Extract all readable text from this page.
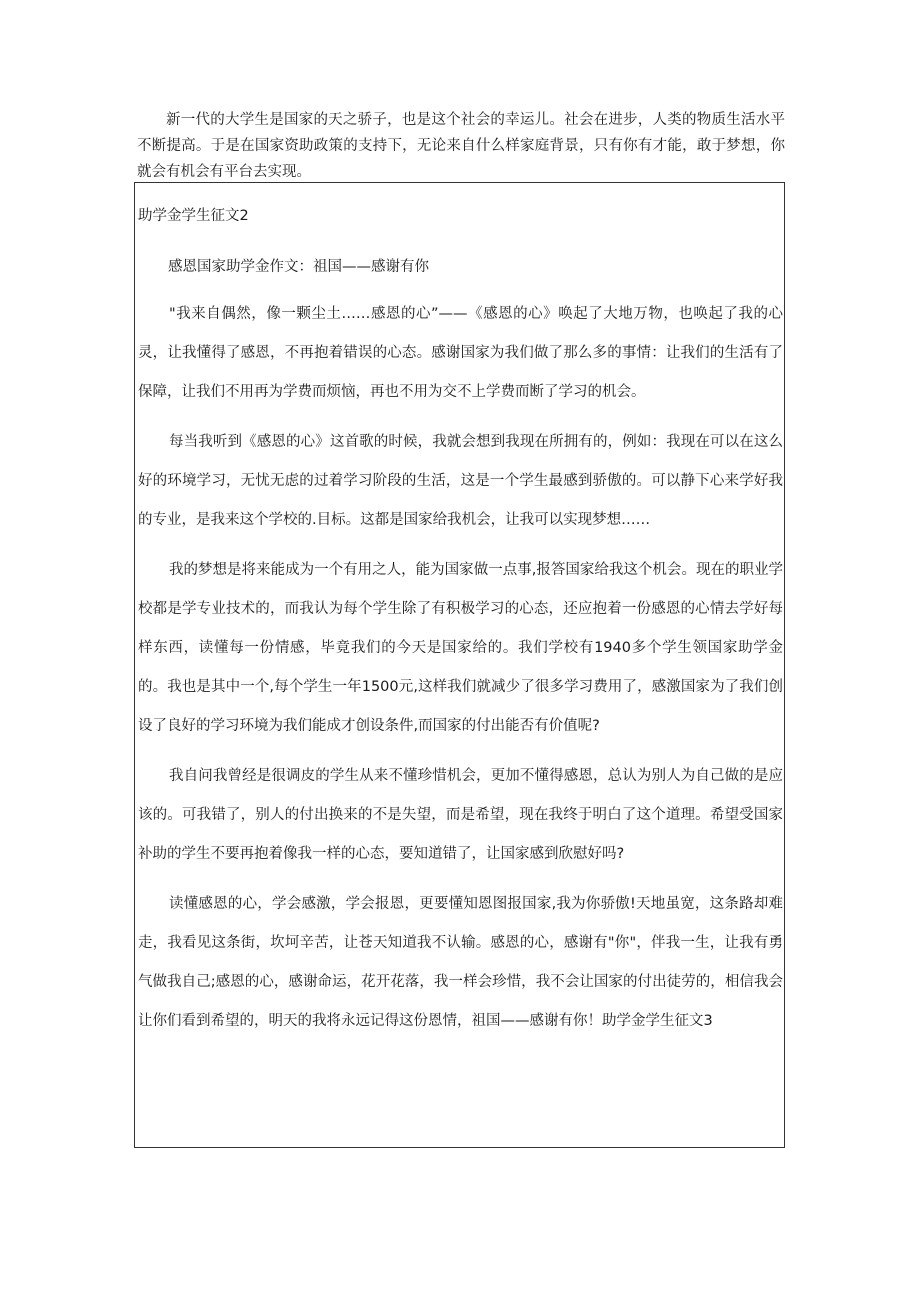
新一代的大学生是国家的天之骄子，也是这个社会的幸运儿。社会在进步，人类的物质生活水平不断提高。于是在国家资助政策的支持下，无论来自什么样家庭背景，只有你有才能，敢于梦想，你就会有机会有平台去实现。

助学金学生征文2

感恩国家助学金作文：祖国——感谢有你

"我来自偶然，像一颗尘土……感恩的心”——《感恩的心》唤起了大地万物，也唤起了我的心灵，让我懂得了感恩，不再抱着错误的心态。感谢国家为我们做了那么多的事情：让我们的生活有了保障，让我们不用再为学费而烦恼，再也不用为交不上学费而断了学习的机会。

每当我听到《感恩的心》这首歌的时候，我就会想到我现在所拥有的，例如：我现在可以在这么好的环境学习，无忧无虑的过着学习阶段的生活，这是一个学生最感到骄傲的。可以静下心来学好我的专业，是我来这个学校的.目标。这都是国家给我机会，让我可以实现梦想……

我的梦想是将来能成为一个有用之人，能为国家做一点事,报答国家给我这个机会。现在的职业学校都是学专业技术的，而我认为每个学生除了有积极学习的心态，还应抱着一份感恩的心情去学好每样东西，读懂每一份情感，毕竟我们的今天是国家给的。我们学校有1940多个学生领国家助学金的。我也是其中一个,每个学生一年1500元,这样我们就减少了很多学习费用了，感激国家为了我们创设了良好的学习环境为我们能成才创设条件,而国家的付出能否有价值呢?

我自问我曾经是很调皮的学生从来不懂珍惜机会，更加不懂得感恩，总认为别人为自己做的是应该的。可我错了，别人的付出换来的不是失望，而是希望，现在我终于明白了这个道理。希望受国家补助的学生不要再抱着像我一样的心态，要知道错了，让国家感到欣慰好吗?

读懂感恩的心，学会感激，学会报恩，更要懂知恩图报国家,我为你骄傲!天地虽宽，这条路却难走，我看见这条街，坎坷辛苦，让苍天知道我不认输。感恩的心，感谢有"你"，伴我一生，让我有勇气做我自己;感恩的心，感谢命运，花开花落，我一样会珍惜，我不会让国家的付出徒劳的，相信我会让你们看到希望的，明天的我将永远记得这份恩情，祖国——感谢有你！助学金学生征文3
